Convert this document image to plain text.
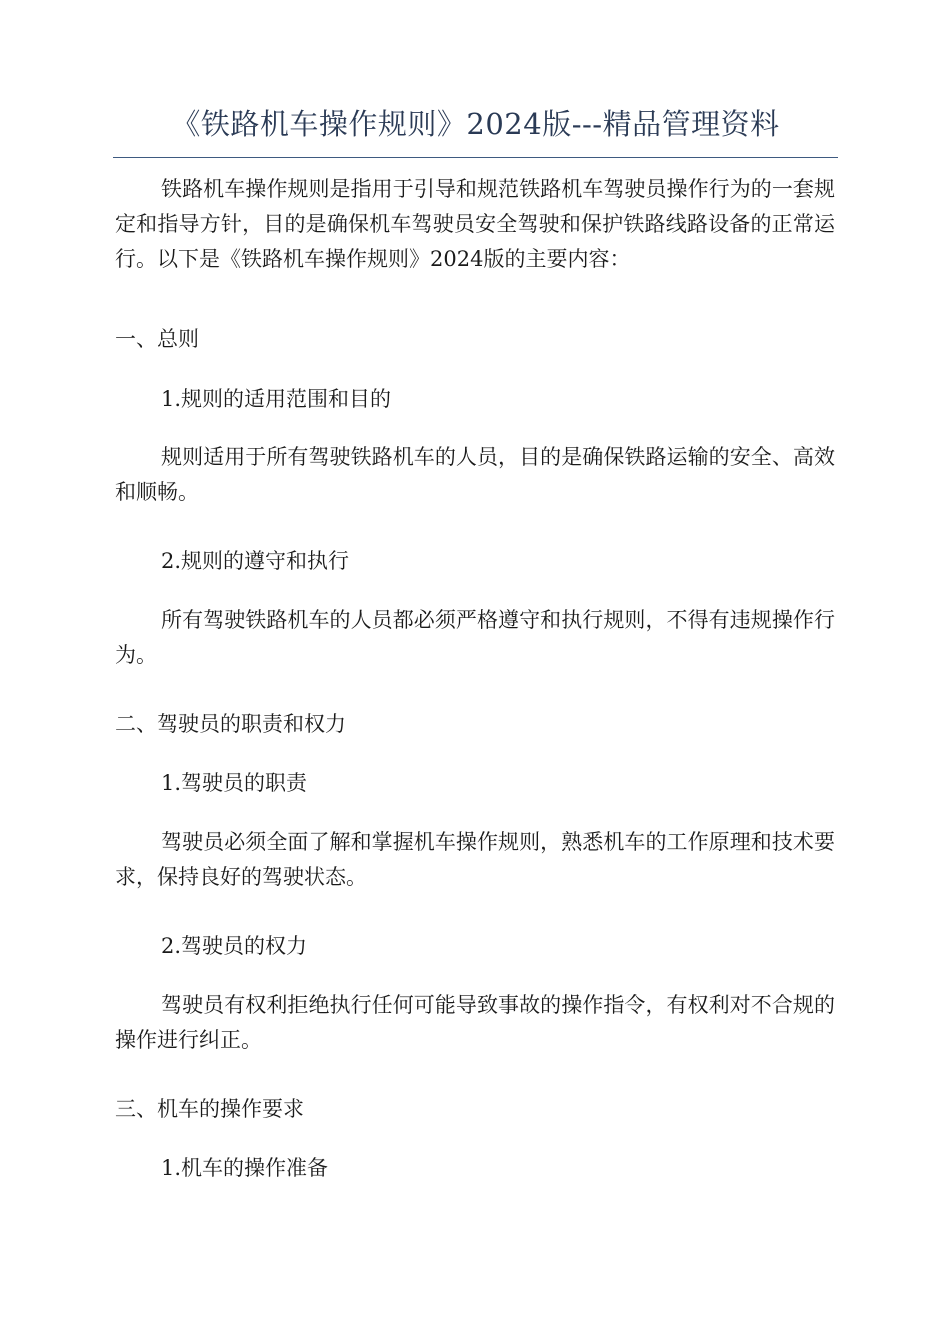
《铁路机车操作规则》2024版---精品管理资料

铁路机车操作规则是指用于引导和规范铁路机车驾驶员操作行为的一套规定和指导方针，目的是确保机车驾驶员安全驾驶和保护铁路线路设备的正常运行。以下是《铁路机车操作规则》2024版的主要内容：

一、总则

1.规则的适用范围和目的

规则适用于所有驾驶铁路机车的人员，目的是确保铁路运输的安全、高效和顺畅。

2.规则的遵守和执行

所有驾驶铁路机车的人员都必须严格遵守和执行规则，不得有违规操作行为。

二、驾驶员的职责和权力

1.驾驶员的职责

驾驶员必须全面了解和掌握机车操作规则，熟悉机车的工作原理和技术要求，保持良好的驾驶状态。

2.驾驶员的权力

驾驶员有权利拒绝执行任何可能导致事故的操作指令，有权利对不合规的操作进行纠正。

三、机车的操作要求

1.机车的操作准备
